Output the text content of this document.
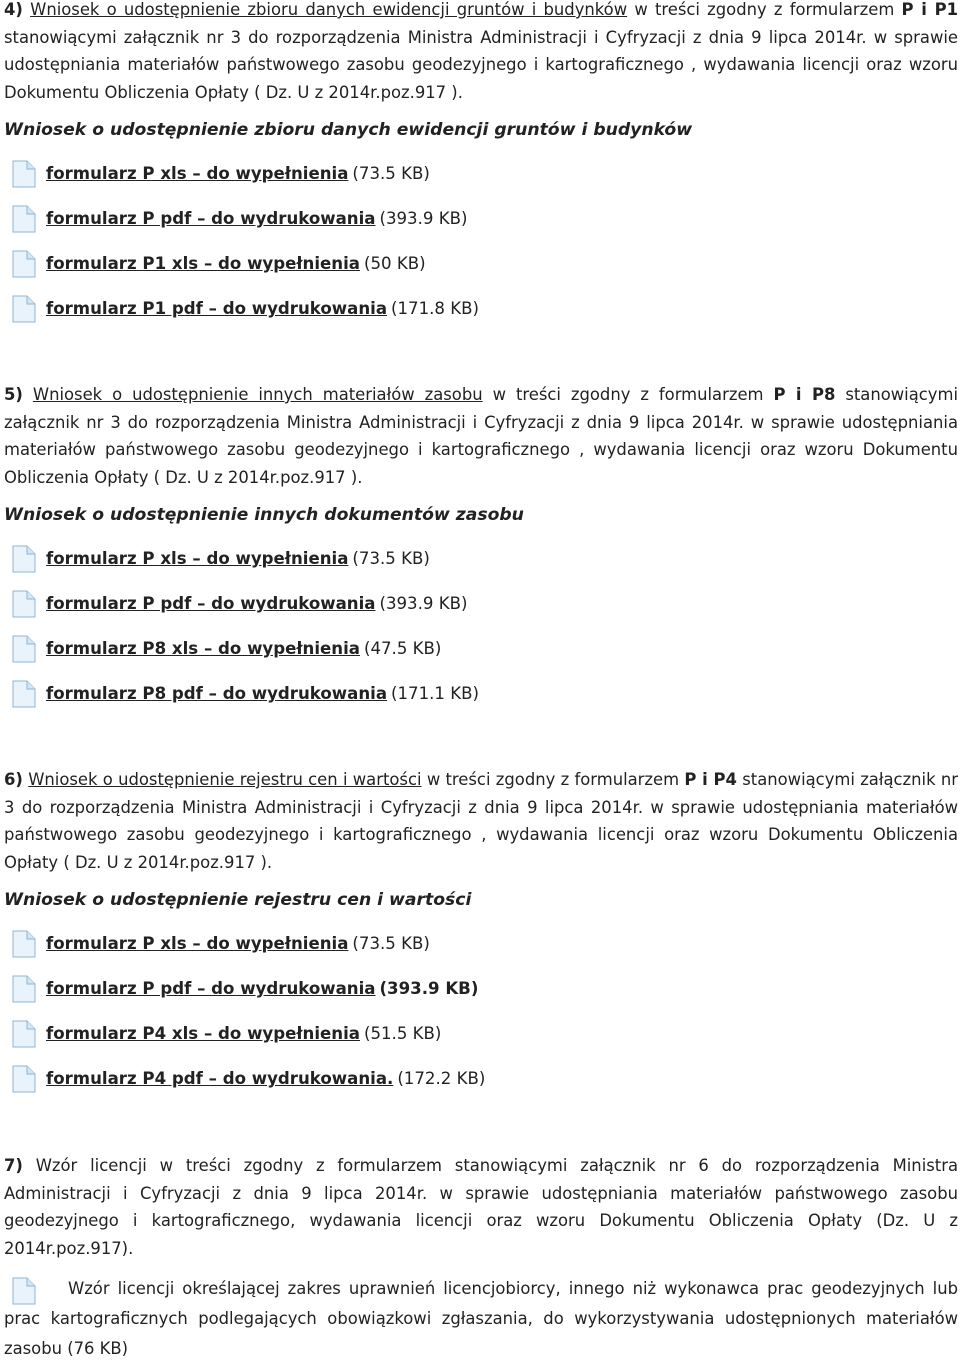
4) Wniosek o udostępnienie zbioru danych ewidencji gruntów i budynków w treści zgodny z formularzem P i P1 stanowiącymi załącznik nr 3 do rozporządzenia Ministra Administracji i Cyfryzacji z dnia 9 lipca 2014r. w sprawie udostępniania materiałów państwowego zasobu geodezyjnego i kartograficznego , wydawania licencji oraz wzoru Dokumentu Obliczenia Opłaty ( Dz. U z 2014r.poz.917 ).

Wniosek o udostępnienie zbioru danych ewidencji gruntów i budynków
formularz P xls – do wypełnienia (73.5 KB)
formularz P pdf – do wydrukowania (393.9 KB)
formularz P1 xls – do wypełnienia (50 KB)
formularz P1 pdf – do wydrukowania (171.8 KB)

5) Wniosek o udostępnienie innych materiałów zasobu w treści zgodny z formularzem P i P8 stanowiącymi załącznik nr 3 do rozporządzenia Ministra Administracji i Cyfryzacji z dnia 9 lipca 2014r. w sprawie udostępniania materiałów państwowego zasobu geodezyjnego i kartograficznego , wydawania licencji oraz wzoru Dokumentu Obliczenia Opłaty ( Dz. U z 2014r.poz.917 ).

Wniosek o udostępnienie innych dokumentów zasobu
formularz P xls – do wypełnienia (73.5 KB)
formularz P pdf – do wydrukowania (393.9 KB)
formularz P8 xls – do wypełnienia (47.5 KB)
formularz P8 pdf – do wydrukowania (171.1 KB)

6) Wniosek o udostępnienie rejestru cen i wartości w treści zgodny z formularzem P i P4 stanowiącymi załącznik nr 3 do rozporządzenia Ministra Administracji i Cyfryzacji z dnia 9 lipca 2014r. w sprawie udostępniania materiałów państwowego zasobu geodezyjnego i kartograficznego , wydawania licencji oraz wzoru Dokumentu Obliczenia Opłaty ( Dz. U z 2014r.poz.917 ).

Wniosek o udostępnienie rejestru cen i wartości
formularz P xls – do wypełnienia (73.5 KB)
formularz P pdf – do wydrukowania (393.9 KB)
formularz P4 xls – do wypełnienia (51.5 KB)
formularz P4 pdf – do wydrukowania. (172.2 KB)

7) Wzór licencji w treści zgodny z formularzem stanowiącymi załącznik nr 6 do rozporządzenia Ministra Administracji i Cyfryzacji z dnia 9 lipca 2014r. w sprawie udostępniania materiałów państwowego zasobu geodezyjnego i kartograficznego, wydawania licencji oraz wzoru Dokumentu Obliczenia Opłaty (Dz. U z 2014r.poz.917).

Wzór licencji określającej zakres uprawnień licencjobiorcy, innego niż wykonawca prac geodezyjnych lub prac kartograficznych podlegających obowiązkowi zgłaszania, do wykorzystywania udostępnionych materiałów zasobu (76 KB)
